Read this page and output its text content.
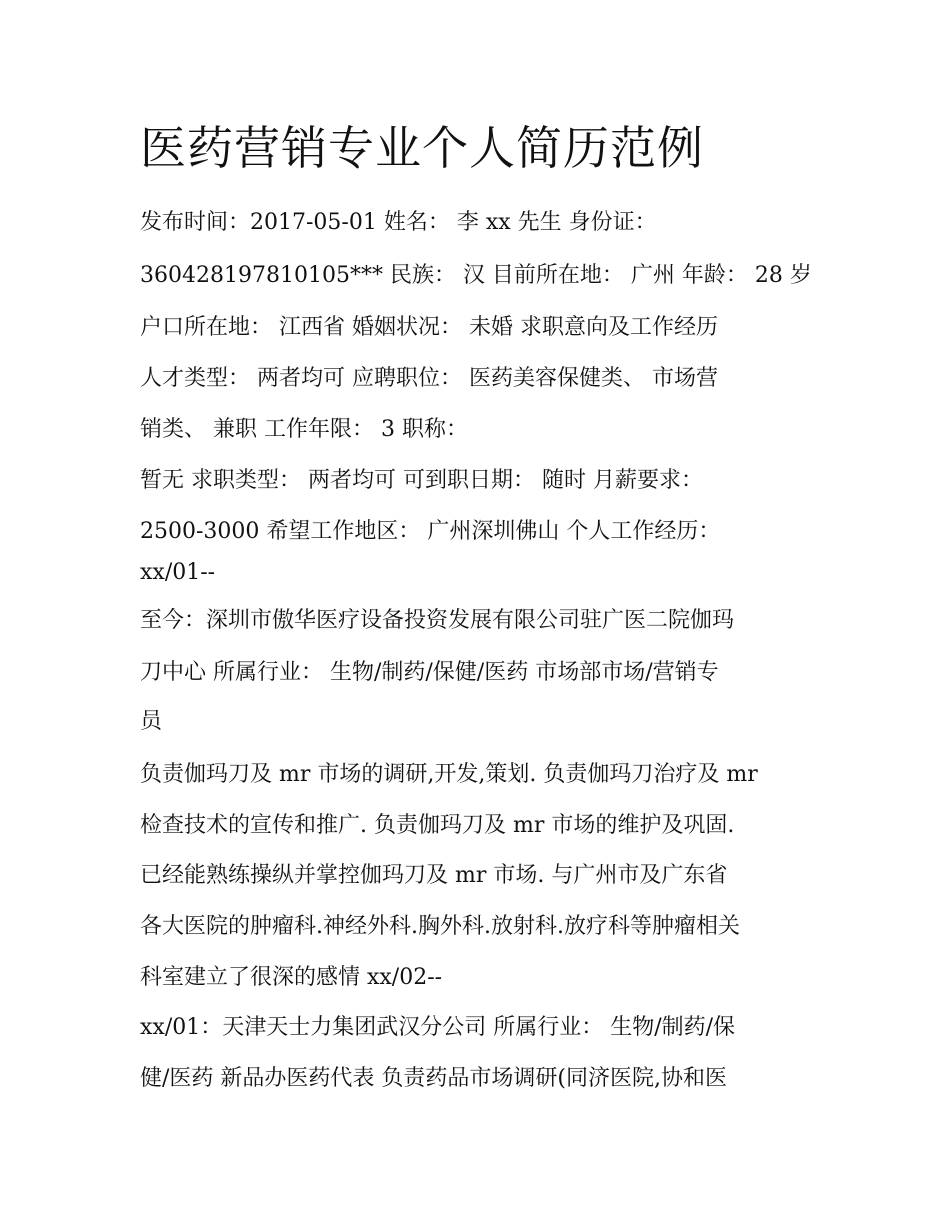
医药营销专业个人简历范例
发布时间：2017-05-01 姓名： 李 xx 先生 身份证：
360428197810105*** 民族： 汉 目前所在地： 广州 年龄： 28 岁
户口所在地： 江西省 婚姻状况： 未婚 求职意向及工作经历
人才类型： 两者均可 应聘职位： 医药美容保健类、 市场营
销类、 兼职 工作年限： 3 职称：
暂无 求职类型： 两者均可 可到职日期： 随时 月薪要求：
2500-3000 希望工作地区： 广州深圳佛山 个人工作经历：
xx/01--
至今：深圳市傲华医疗设备投资发展有限公司驻广医二院伽玛
刀中心 所属行业： 生物/制药/保健/医药 市场部市场/营销专
员
负责伽玛刀及 mr 市场的调研,开发,策划. 负责伽玛刀治疗及 mr
检查技术的宣传和推广. 负责伽玛刀及 mr 市场的维护及巩固.
已经能熟练操纵并掌控伽玛刀及 mr 市场. 与广州市及广东省
各大医院的肿瘤科.神经外科.胸外科.放射科.放疗科等肿瘤相关
科室建立了很深的感情 xx/02--
xx/01：天津天士力集团武汉分公司 所属行业： 生物/制药/保
健/医药 新品办医药代表 负责药品市场调研(同济医院,协和医
